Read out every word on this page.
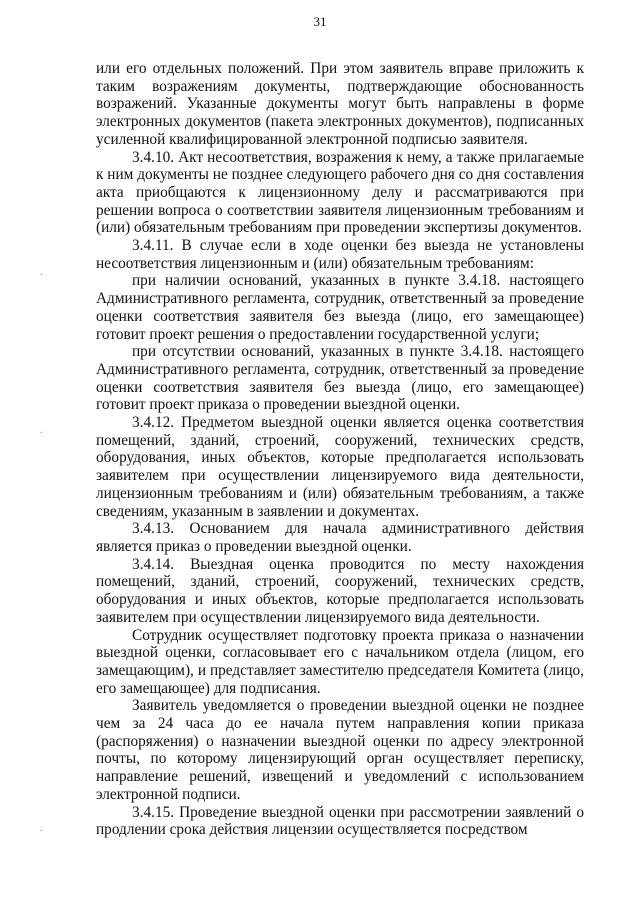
31

или его отдельных положений. При этом заявитель вправе приложить к таким возражениям документы, подтверждающие обоснованность возражений. Указанные документы могут быть направлены в форме электронных документов (пакета электронных документов), подписанных усиленной квалифицированной электронной подписью заявителя.

3.4.10. Акт несоответствия, возражения к нему, а также прилагаемые к ним документы не позднее следующего рабочего дня со дня составления акта приобщаются к лицензионному делу и рассматриваются при решении вопроса о соответствии заявителя лицензионным требованиям и (или) обязательным требованиям при проведении экспертизы документов.

3.4.11. В случае если в ходе оценки без выезда не установлены несоответствия лицензионным и (или) обязательным требованиям:

при наличии оснований, указанных в пункте 3.4.18. настоящего Административного регламента, сотрудник, ответственный за проведение оценки соответствия заявителя без выезда (лицо, его замещающее) готовит проект решения о предоставлении государственной услуги;

при отсутствии оснований, указанных в пункте 3.4.18. настоящего Административного регламента, сотрудник, ответственный за проведение оценки соответствия заявителя без выезда (лицо, его замещающее) готовит проект приказа о проведении выездной оценки.

3.4.12. Предметом выездной оценки является оценка соответствия помещений, зданий, строений, сооружений, технических средств, оборудования, иных объектов, которые предполагается использовать заявителем при осуществлении лицензируемого вида деятельности, лицензионным требованиям и (или) обязательным требованиям, а также сведениям, указанным в заявлении и документах.

3.4.13. Основанием для начала административного действия является приказ о проведении выездной оценки.

3.4.14. Выездная оценка проводится по месту нахождения помещений, зданий, строений, сооружений, технических средств, оборудования и иных объектов, которые предполагается использовать заявителем при осуществлении лицензируемого вида деятельности.

Сотрудник осуществляет подготовку проекта приказа о назначении выездной оценки, согласовывает его с начальником отдела (лицом, его замещающим), и представляет заместителю председателя Комитета (лицо, его замещающее) для подписания.

Заявитель уведомляется о проведении выездной оценки не позднее чем за 24 часа до ее начала путем направления копии приказа (распоряжения) о назначении выездной оценки по адресу электронной почты, по которому лицензирующий орган осуществляет переписку, направление решений, извещений и уведомлений с использованием электронной подписи.

3.4.15. Проведение выездной оценки при рассмотрении заявлений о продлении срока действия лицензии осуществляется посредством

.
.
.
